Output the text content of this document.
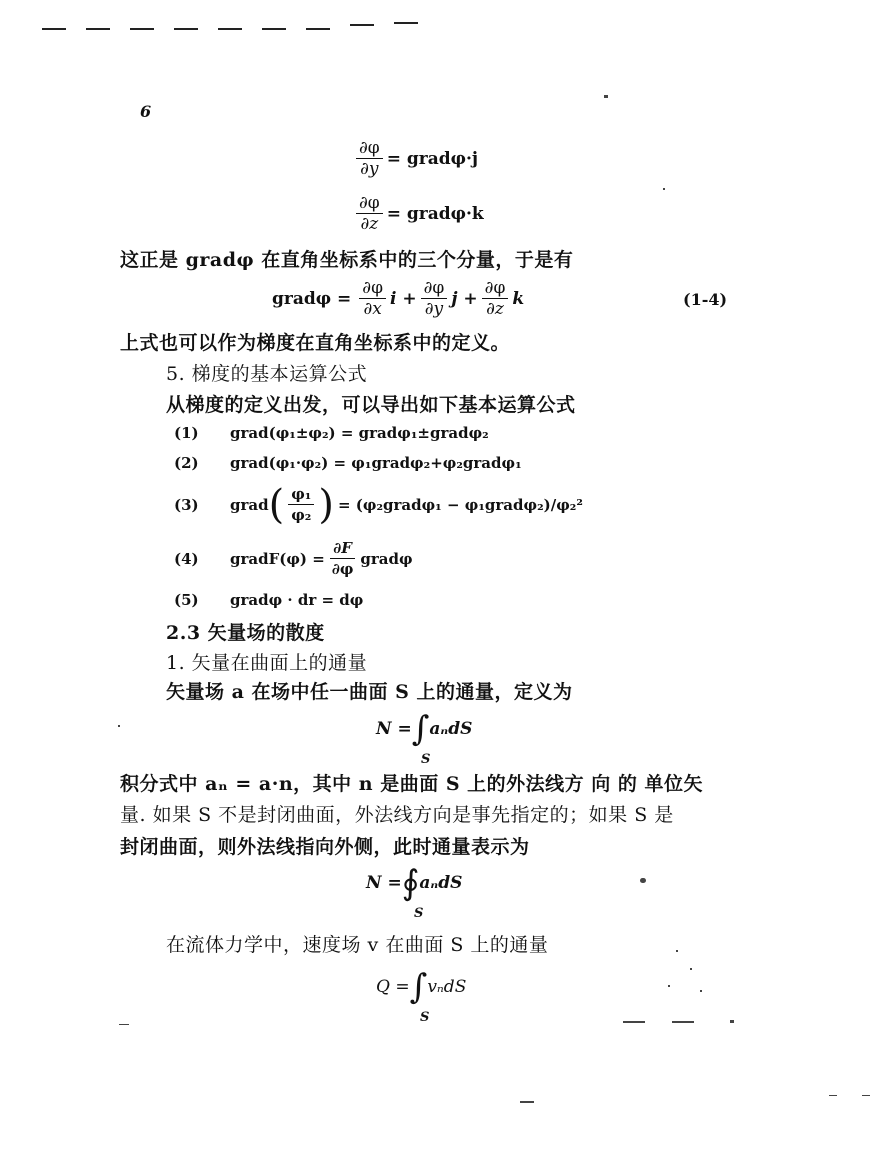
6
$\frac{\partial\varphi}{\partial y}$ = gradφ·j
$\frac{\partial\varphi}{\partial z}$ = gradφ·k
这正是 gradφ 在直角坐标系中的三个分量，于是有
gradφ = $\frac{\partial\varphi}{\partial x}$ $i + \frac{\partial\varphi}{\partial y}$ $j + \frac{\partial\varphi}{\partial z}$ k	(1-4)
上式也可以作为梯度在直角坐标系中的定义。
5. 梯度的基本运算公式
从梯度的定义出发，可以导出如下基本运算公式
(1)	grad(φ₁±φ₂) = gradφ₁±gradφ₂
(2)	grad(φ₁·φ₂) = φ₁gradφ₂+φ₂gradφ₁
(3)	grad ( $\frac{\text{φ₁}}{\text{φ₂}}$ ) = (φ₂gradφ₁ − φ₁gradφ₂)/φ₂²
(4)	gradF(φ) = $\frac{\partial F}{\partial\varphi}$ gradφ
(5)	gradφ · dr = dφ
2.3 矢量场的散度
1. 矢量在曲面上的通量
矢量场 a 在场中任一曲面 S 上的通量，定义为
N = ∫ aₙdS
S
积分式中 aₙ = a·n，其中 n 是曲面 S 上的外法线方 向 的 单位矢
量. 如果 S 不是封闭曲面，外法线方向是事先指定的；如果 S 是
封闭曲面，则外法线指向外侧，此时通量表示为
N = ∮ aₙdS
S
在流体力学中，速度场 v 在曲面 S 上的通量
Q = ∫ vₙdS
S
